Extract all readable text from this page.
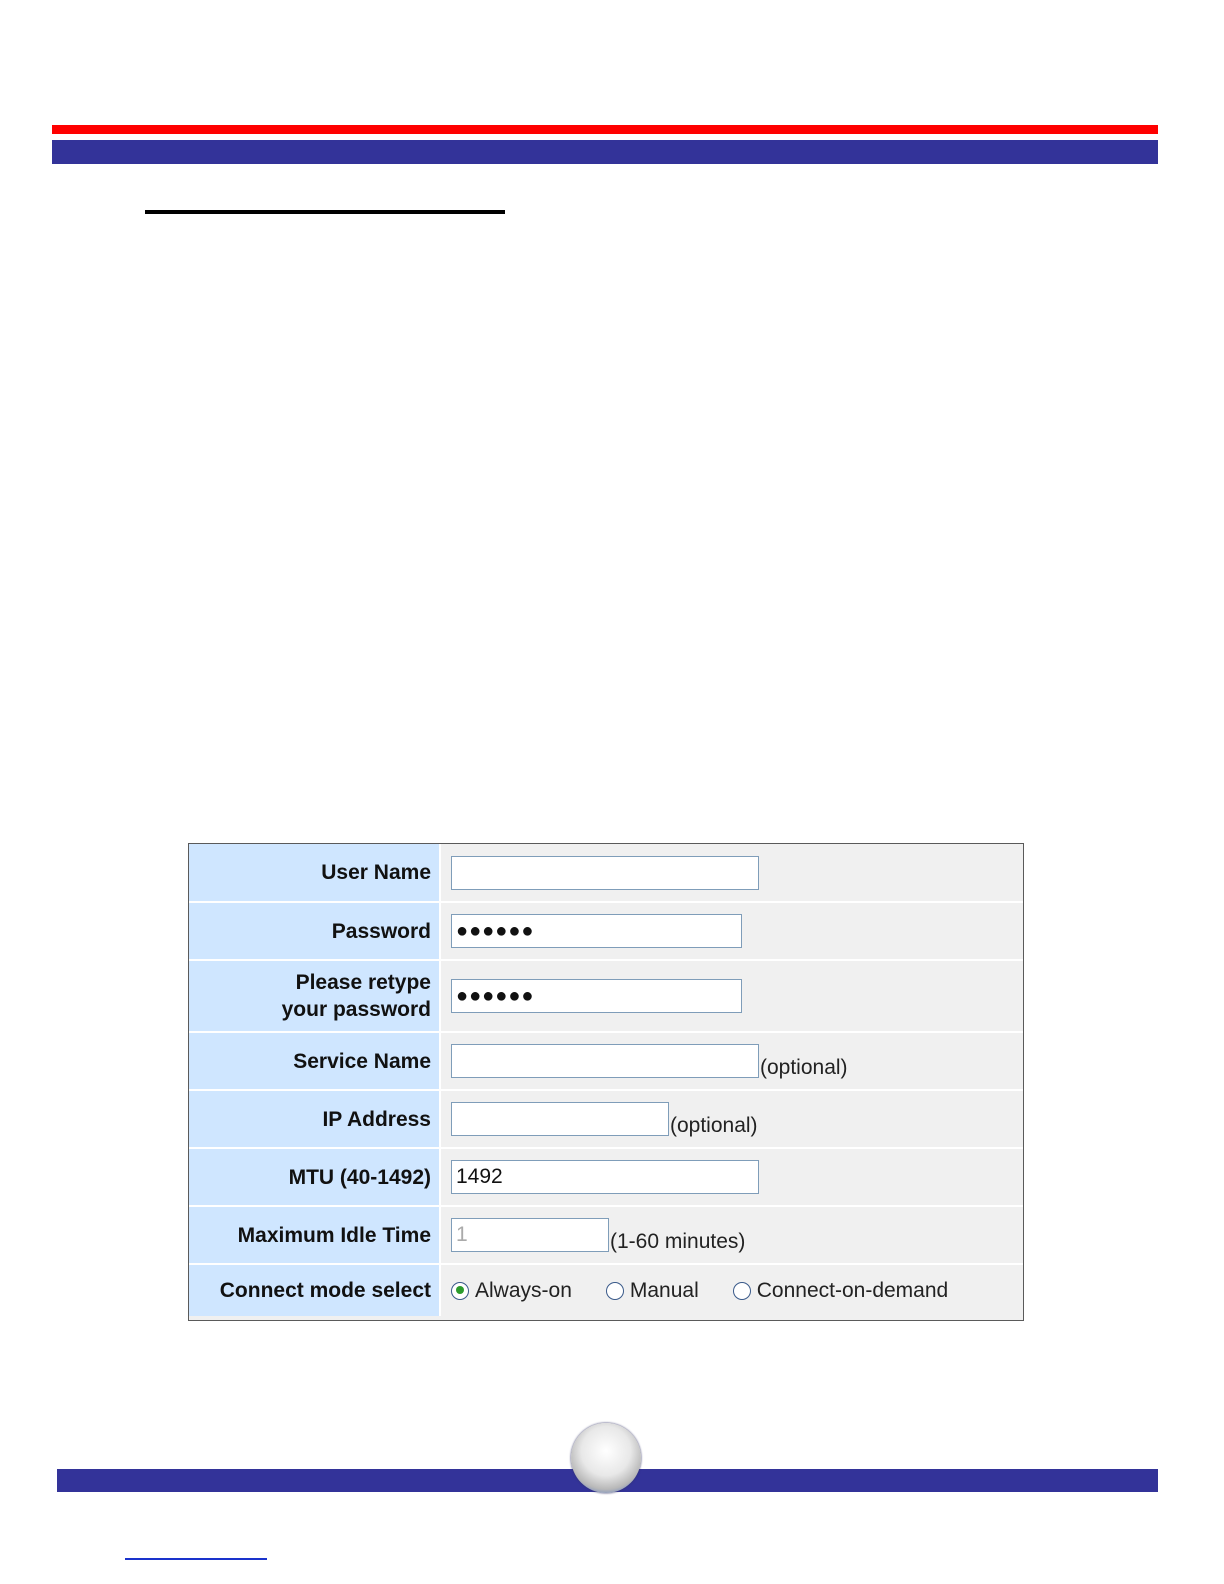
User Name	
Password	●●●●●●
Please retype
your password	●●●●●●
Service Name	(optional)
IP Address	(optional)
MTU (40-1492)	1492
Maximum Idle Time	1(1-60 minutes)
Connect mode select	Always-on Manual Connect-on-demand
